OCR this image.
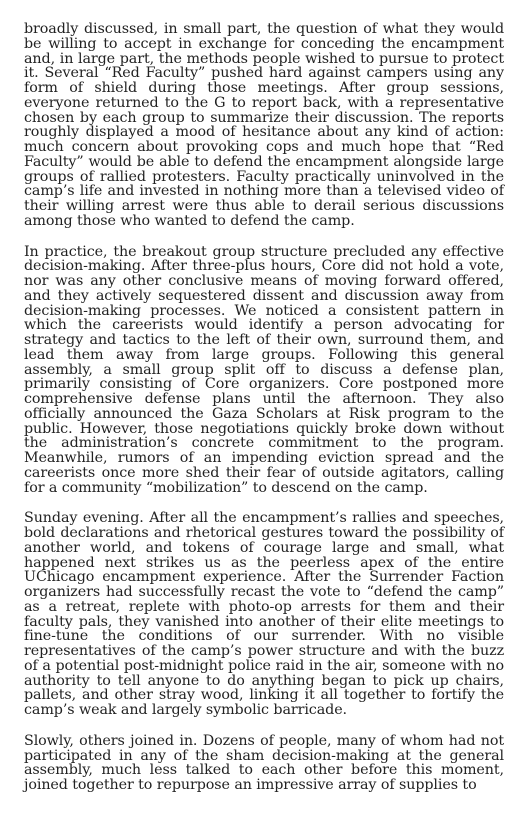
broadly discussed, in small part, the question of what they would be willing to accept in exchange for conceding the encampment and, in large part, the methods people wished to pursue to protect it. Several “Red Faculty” pushed hard against campers using any form of shield during those meetings. After group sessions, everyone returned to the G to report back, with a representative chosen by each group to summarize their discussion. The reports roughly displayed a mood of hesitance about any kind of action: much concern about provoking cops and much hope that “Red Faculty” would be able to defend the encampment alongside large groups of rallied protesters. Faculty practically uninvolved in the camp’s life and invested in nothing more than a televised video of their willing arrest were thus able to derail serious discussions among those who wanted to defend the camp.

In practice, the breakout group structure precluded any effective decision-making. After three-plus hours, Core did not hold a vote, nor was any other conclusive means of moving forward offered, and they actively sequestered dissent and discussion away from decision-making processes. We noticed a consistent pattern in which the careerists would identify a person advocating for strategy and tactics to the left of their own, surround them, and lead them away from large groups. Following this general assembly, a small group split off to discuss a defense plan, primarily consisting of Core organizers. Core postponed more comprehensive defense plans until the afternoon. They also officially announced the Gaza Scholars at Risk program to the public. However, those negotiations quickly broke down without the administration’s concrete commitment to the program. Meanwhile, rumors of an impending eviction spread and the careerists once more shed their fear of outside agitators, calling for a community “mobilization” to descend on the camp.

Sunday evening. After all the encampment’s rallies and speeches, bold declarations and rhetorical gestures toward the possibility of another world, and tokens of courage large and small, what happened next strikes us as the peerless apex of the entire UChicago encampment experience. After the Surrender Faction organizers had successfully recast the vote to “defend the camp” as a retreat, replete with photo-op arrests for them and their faculty pals, they vanished into another of their elite meetings to fine-tune the conditions of our surrender. With no visible representatives of the camp’s power structure and with the buzz of a potential post-midnight police raid in the air, someone with no authority to tell anyone to do anything began to pick up chairs, pallets, and other stray wood, linking it all together to fortify the camp’s weak and largely symbolic barricade.

Slowly, others joined in. Dozens of people, many of whom had not participated in any of the sham decision-making at the general assembly, much less talked to each other before this moment, joined together to repurpose an impressive array of supplies to
